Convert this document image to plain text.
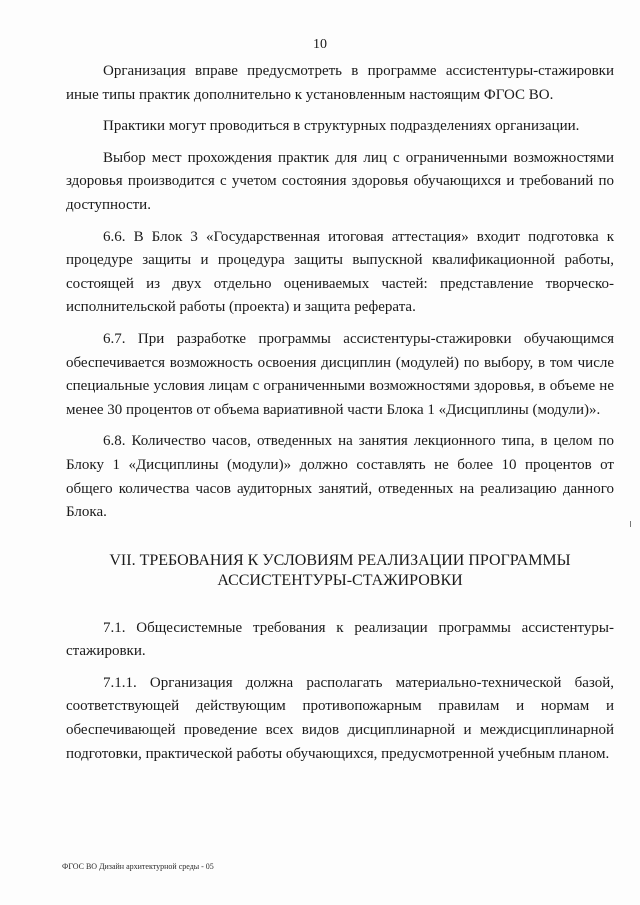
10

Организация вправе предусмотреть в программе ассистентуры-стажировки иные типы практик дополнительно к установленным настоящим ФГОС ВО.

Практики могут проводиться в структурных подразделениях организации.

Выбор мест прохождения практик для лиц с ограниченными возможностями здоровья производится с учетом состояния здоровья обучающихся и требований по доступности.

6.6. В Блок 3 «Государственная итоговая аттестация» входит подготовка к процедуре защиты и процедура защиты выпускной квалификационной работы, состоящей из двух отдельно оцениваемых частей: представление творческо-исполнительской работы (проекта) и защита реферата.

6.7. При разработке программы ассистентуры-стажировки обучающимся обеспечивается возможность освоения дисциплин (модулей) по выбору, в том числе специальные условия лицам с ограниченными возможностями здоровья, в объеме не менее 30 процентов от объема вариативной части Блока 1 «Дисциплины (модули)».

6.8. Количество часов, отведенных на занятия лекционного типа, в целом по Блоку 1 «Дисциплины (модули)» должно составлять не более 10 процентов от общего количества часов аудиторных занятий, отведенных на реализацию данного Блока.

VII. ТРЕБОВАНИЯ К УСЛОВИЯМ РЕАЛИЗАЦИИ ПРОГРАММЫ
АССИСТЕНТУРЫ-СТАЖИРОВКИ

7.1. Общесистемные требования к реализации программы ассистентуры-стажировки.

7.1.1. Организация должна располагать материально-технической базой, соответствующей действующим противопожарным правилам и нормам и обеспечивающей проведение всех видов дисциплинарной и междисциплинарной подготовки, практической работы обучающихся, предусмотренной учебным планом.

ФГОС ВО Дизайн архитектурной среды - 05
